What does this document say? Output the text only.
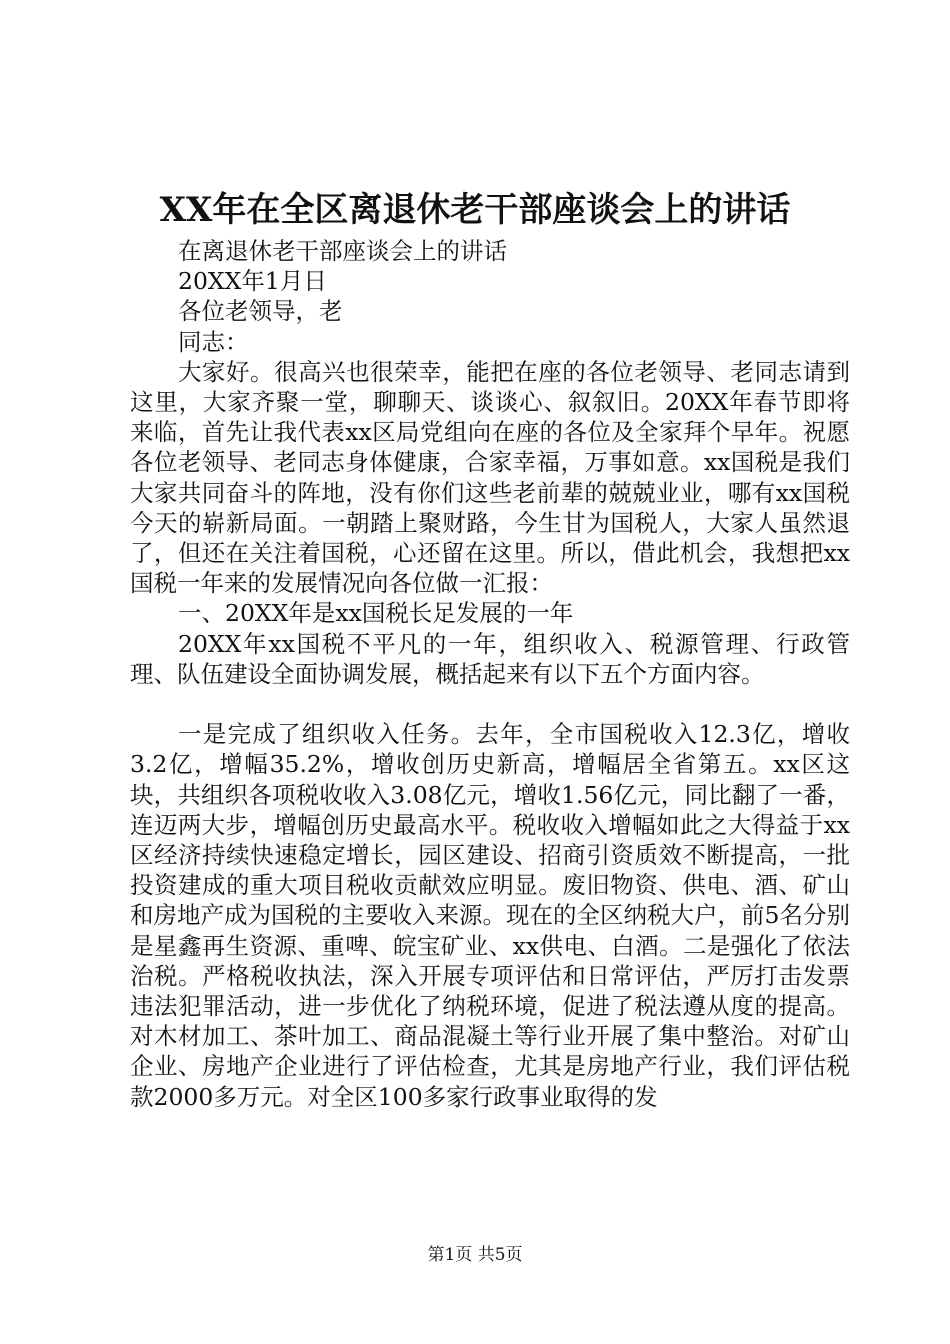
XX年在全区离退休老干部座谈会上的讲话
在离退休老干部座谈会上的讲话
20XX年1月日
各位老领导，老
同志：

大家好。很高兴也很荣幸，能把在座的各位老领导、老同志请到这里，大家齐聚一堂，聊聊天、谈谈心、叙叙旧。20XX年春节即将来临，首先让我代表xx区局党组向在座的各位及全家拜个早年。祝愿各位老领导、老同志身体健康，合家幸福，万事如意。xx国税是我们大家共同奋斗的阵地，没有你们这些老前辈的兢兢业业，哪有xx国税今天的崭新局面。一朝踏上聚财路，今生甘为国税人，大家人虽然退了，但还在关注着国税，心还留在这里。所以，借此机会，我想把xx国税一年来的发展情况向各位做一汇报：

一、20XX年是xx国税长足发展的一年

20XX年xx国税不平凡的一年，组织收入、税源管理、行政管理、队伍建设全面协调发展，概括起来有以下五个方面内容。

一是完成了组织收入任务。去年，全市国税收入12.3亿，增收3.2亿，增幅35.2%，增收创历史新高，增幅居全省第五。xx区这块，共组织各项税收收入3.08亿元，增收1.56亿元，同比翻了一番，连迈两大步，增幅创历史最高水平。税收收入增幅如此之大得益于xx区经济持续快速稳定增长，园区建设、招商引资质效不断提高，一批投资建成的重大项目税收贡献效应明显。废旧物资、供电、酒、矿山和房地产成为国税的主要收入来源。现在的全区纳税大户，前5名分别是星鑫再生资源、重啤、皖宝矿业、xx供电、白酒。二是强化了依法治税。严格税收执法，深入开展专项评估和日常评估，严厉打击发票违法犯罪活动，进一步优化了纳税环境，促进了税法遵从度的提高。对木材加工、茶叶加工、商品混凝土等行业开展了集中整治。对矿山企业、房地产企业进行了评估检查，尤其是房地产行业，我们评估税款2000多万元。对全区100多家行政事业取得的发

第1页 共5页
